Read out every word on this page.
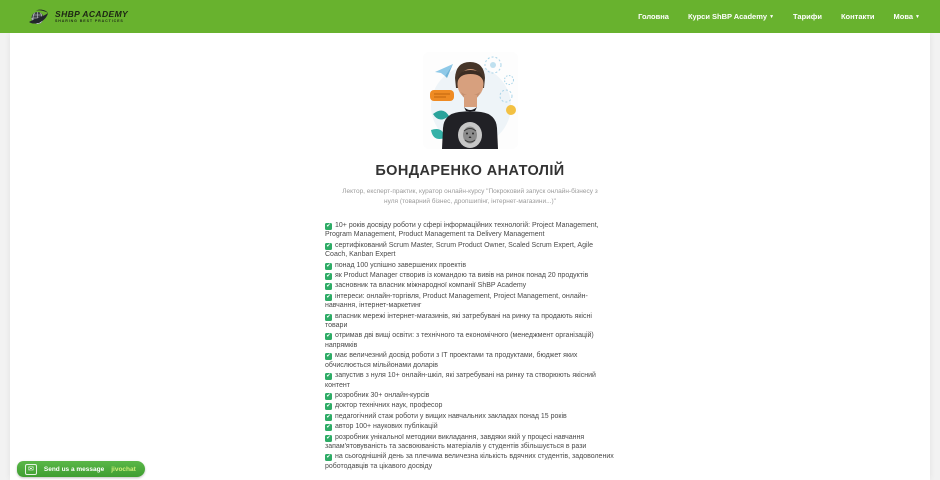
SHBP ACADEMY
SHARING BEST PRACTICES	Головна	Курси ShBP Academy ▼	Тарифи	Контакти	Мова ▼
БОНДАРЕНКО АНАТОЛІЙ

Лектор, експерт-практик, куратор онлайн-курсу "Покроковий запуск онлайн-бізнесу з нуля (товарний бізнес, дропшипінг, інтернет-магазини...)"

✔ 10+ років досвіду роботи у сфері інформаційних технологій: Project Management, Program Management, Product Management та Delivery Management

✔ сертифікований Scrum Master, Scrum Product Owner, Scaled Scrum Expert, Agile Coach, Kanban Expert

✔ понад 100 успішно завершених проектів

✔ як Product Manager створив із командою та вивів на ринок понад 20 продуктів

✔ засновник та власник міжнародної компанії ShBP Academy

✔ інтереси: онлайн-торгівля, Product Management, Project Management, онлайн-навчання, інтернет-маркетинг

✔ власник мережі інтернет-магазинів, які затребувані на ринку та продають якісні товари

✔ отримав дві вищі освіти: з технічного та економічного (менеджмент організацій) напрямків

✔ має величезний досвід роботи з ІТ проектами та продуктами, бюджет яких обчислюється мільйонами доларів

✔ запустив з нуля 10+ онлайн-шкіл, які затребувані на ринку та створюють якісний контент

✔ розробник 30+ онлайн-курсів

✔ доктор технічних наук, професор

✔ педагогічний стаж роботи у вищих навчальних закладах понад 15 років

✔ автор 100+ наукових публікацій

✔ розробник унікальної методики викладання, завдяки якій у процесі навчання запам'ятовуваність та засвоюваність матеріалів у студентів збільшується в рази

✔ на сьогоднішній день за плечима величезна кількість вдячних студентів, задоволених роботодавців та цікавого досвіду

✉	Send us a message jivochat
